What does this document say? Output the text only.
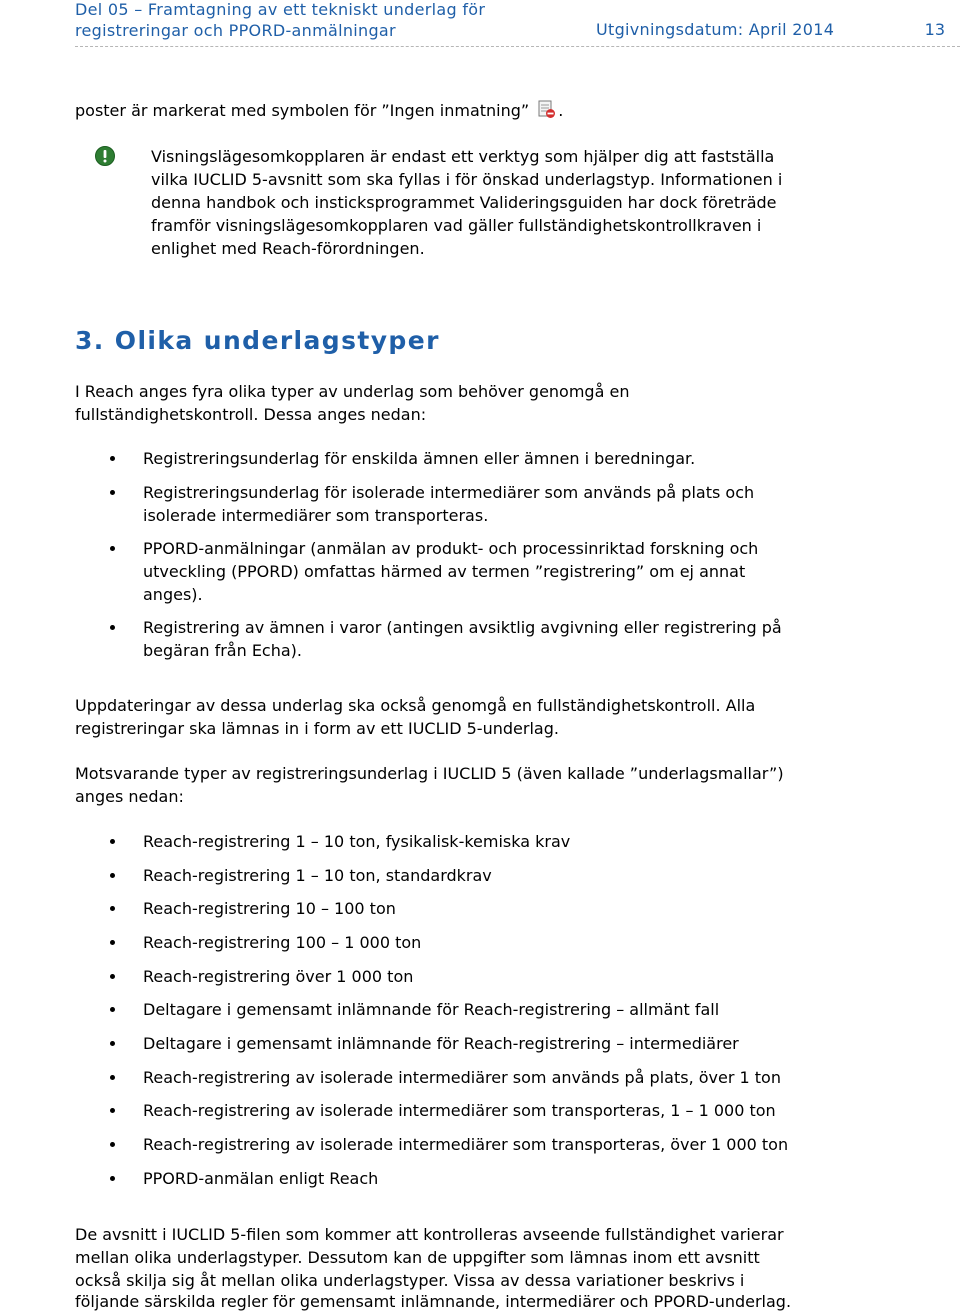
Del 05 – Framtagning av ett tekniskt underlag för
registreringar och PPORD-anmälningar	Utgivningsdatum: April 2014	13

poster är markerat med symbolen för ”Ingen inmatning” .

Visningslägesomkopplaren är endast ett verktyg som hjälper dig att fastställa

vilka IUCLID 5-avsnitt som ska fyllas i för önskad underlagstyp. Informationen i

denna handbok och insticksprogrammet Valideringsguiden har dock företräde

framför visningslägesomkopplaren vad gäller fullständighetskontrollkraven i

enlighet med Reach-förordningen.

3. Olika underlagstyper

I Reach anges fyra olika typer av underlag som behöver genomgå en

fullständighetskontroll. Dessa anges nedan:

Registreringsunderlag för enskilda ämnen eller ämnen i beredningar.

Registreringsunderlag för isolerade intermediärer som används på plats och

isolerade intermediärer som transporteras.

PPORD-anmälningar (anmälan av produkt- och processinriktad forskning och

utveckling (PPORD) omfattas härmed av termen ”registrering” om ej annat

anges).

Registrering av ämnen i varor (antingen avsiktlig avgivning eller registrering på

begäran från Echa).

Uppdateringar av dessa underlag ska också genomgå en fullständighetskontroll. Alla

registreringar ska lämnas in i form av ett IUCLID 5-underlag.

Motsvarande typer av registreringsunderlag i IUCLID 5 (även kallade ”underlagsmallar”)

anges nedan:

Reach-registrering 1 – 10 ton, fysikalisk-kemiska krav

Reach-registrering 1 – 10 ton, standardkrav

Reach-registrering 10 – 100 ton

Reach-registrering 100 – 1 000 ton

Reach-registrering över 1 000 ton

Deltagare i gemensamt inlämnande för Reach-registrering – allmänt fall

Deltagare i gemensamt inlämnande för Reach-registrering – intermediärer

Reach-registrering av isolerade intermediärer som används på plats, över 1 ton

Reach-registrering av isolerade intermediärer som transporteras, 1 – 1 000 ton

Reach-registrering av isolerade intermediärer som transporteras, över 1 000 ton

PPORD-anmälan enligt Reach

De avsnitt i IUCLID 5-filen som kommer att kontrolleras avseende fullständighet varierar

mellan olika underlagstyper. Dessutom kan de uppgifter som lämnas inom ett avsnitt

också skilja sig åt mellan olika underlagstyper. Vissa av dessa variationer beskrivs i

följande särskilda regler för gemensamt inlämnande, intermediärer och PPORD-underlag.
